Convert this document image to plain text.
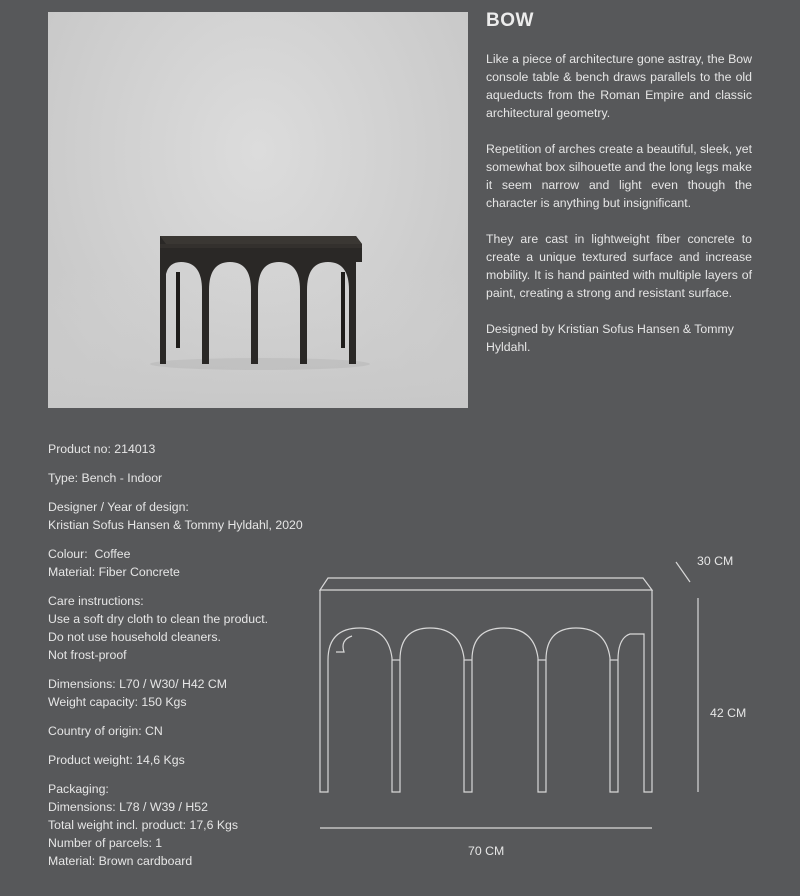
BOW

Like a piece of architecture gone astray, the Bow console table & bench draws parallels to the old aqueducts from the Roman Empire and classic architectural geometry.

Repetition of arches create a beautiful, sleek, yet somewhat box silhouette and the long legs make it seem narrow and light even though the character is anything but insignificant.

They are cast in lightweight fiber concrete to create a unique textured surface and increase mobility. It is hand painted with multiple layers of paint, creating a strong and resistant surface.

Designed by Kristian Sofus Hansen & Tommy Hyldahl.

Product no: 214013
Type: Bench - Indoor
Designer / Year of design:
Kristian Sofus Hansen & Tommy Hyldahl, 2020
Colour:  Coffee
Material: Fiber Concrete
Care instructions:
Use a soft dry cloth to clean the product.
Do not use household cleaners.
Not frost-proof
Dimensions: L70 / W30/ H42 CM
Weight capacity: 150 Kgs
Country of origin: CN
Product weight: 14,6 Kgs
Packaging:
Dimensions: L78 / W39 / H52
Total weight incl. product: 17,6 Kgs
Number of parcels: 1
Material: Brown cardboard
30 CM
42 CM
70 CM
